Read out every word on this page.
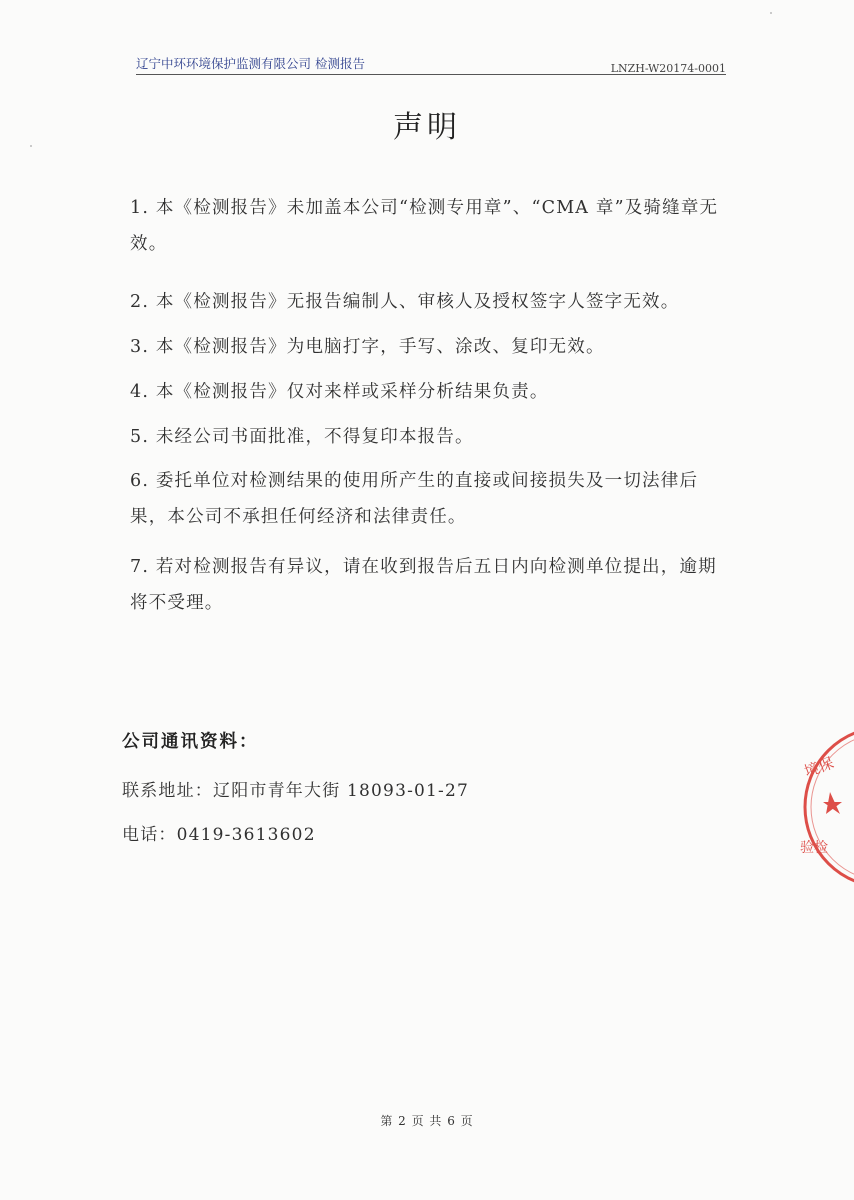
辽宁中环环境保护监测有限公司 检测报告	LNZH-W20174-0001
声明
1. 本《检测报告》未加盖本公司“检测专用章”、“CMA 章”及骑缝章无效。
2. 本《检测报告》无报告编制人、审核人及授权签字人签字无效。
3. 本《检测报告》为电脑打字，手写、涂改、复印无效。
4. 本《检测报告》仅对来样或采样分析结果负责。
5. 未经公司书面批准，不得复印本报告。
6. 委托单位对检测结果的使用所产生的直接或间接损失及一切法律后果，本公司不承担任何经济和法律责任。
7. 若对检测报告有异议，请在收到报告后五日内向检测单位提出，逾期将不受理。
公司通讯资料：
联系地址：辽阳市青年大街 18093-01-27
电话：0419-3613602
第 2 页 共 6 页
境保
验检
